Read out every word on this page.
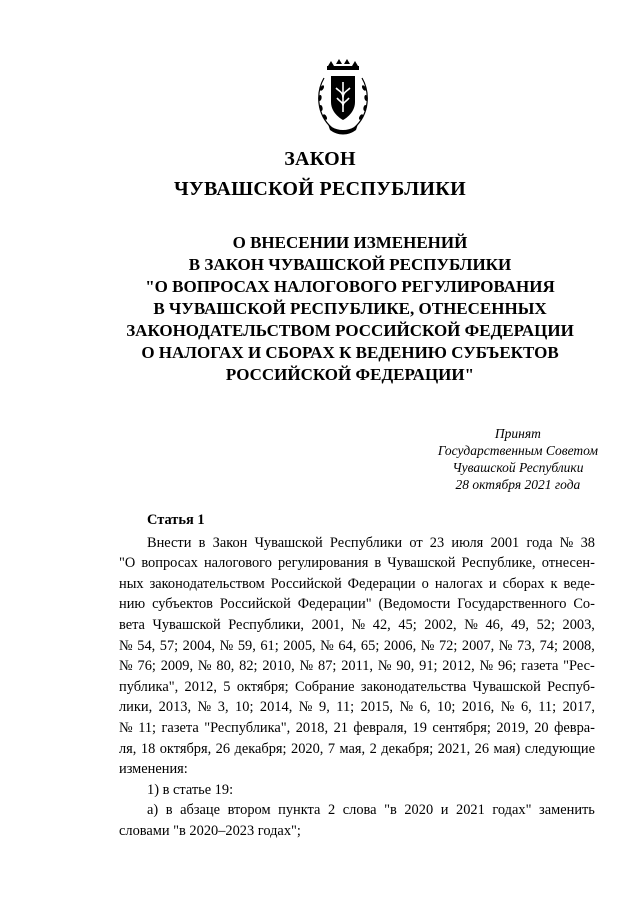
ЗАКОН
ЧУВАШСКОЙ РЕСПУБЛИКИ

О ВНЕСЕНИИ ИЗМЕНЕНИЙ
В ЗАКОН ЧУВАШСКОЙ РЕСПУБЛИКИ
"О ВОПРОСАХ НАЛОГОВОГО РЕГУЛИРОВАНИЯ
В ЧУВАШСКОЙ РЕСПУБЛИКЕ, ОТНЕСЕННЫХ
ЗАКОНОДАТЕЛЬСТВОМ РОССИЙСКОЙ ФЕДЕРАЦИИ
О НАЛОГАХ И СБОРАХ К ВЕДЕНИЮ СУБЪЕКТОВ
РОССИЙСКОЙ ФЕДЕРАЦИИ"
Принят
Государственным Советом
Чувашской Республики
28 октября 2021 года
Статья 1
Внести в Закон Чувашской Республики от 23 июля 2001 года № 38
"О вопросах налогового регулирования в Чувашской Республике, отнесен-
ных законодательством Российской Федерации о налогах и сборах к веде-
нию субъектов Российской Федерации" (Ведомости Государственного Со-
вета Чувашской Республики, 2001, № 42, 45; 2002, № 46, 49, 52; 2003,
№ 54, 57; 2004, № 59, 61; 2005, № 64, 65; 2006, № 72; 2007, № 73, 74; 2008,
№ 76; 2009, № 80, 82; 2010, № 87; 2011, № 90, 91; 2012, № 96; газета "Рес-
публика", 2012, 5 октября; Собрание законодательства Чувашской Респуб-
лики, 2013, № 3, 10; 2014, № 9, 11; 2015, № 6, 10; 2016, № 6, 11; 2017,
№ 11; газета "Республика", 2018, 21 февраля, 19 сентября; 2019, 20 февра-
ля, 18 октября, 26 декабря; 2020, 7 мая, 2 декабря; 2021, 26 мая) следующие
изменения:
1) в статье 19:
а) в абзаце втором пункта 2 слова "в 2020 и 2021 годах" заменить
словами "в 2020–2023 годах";
